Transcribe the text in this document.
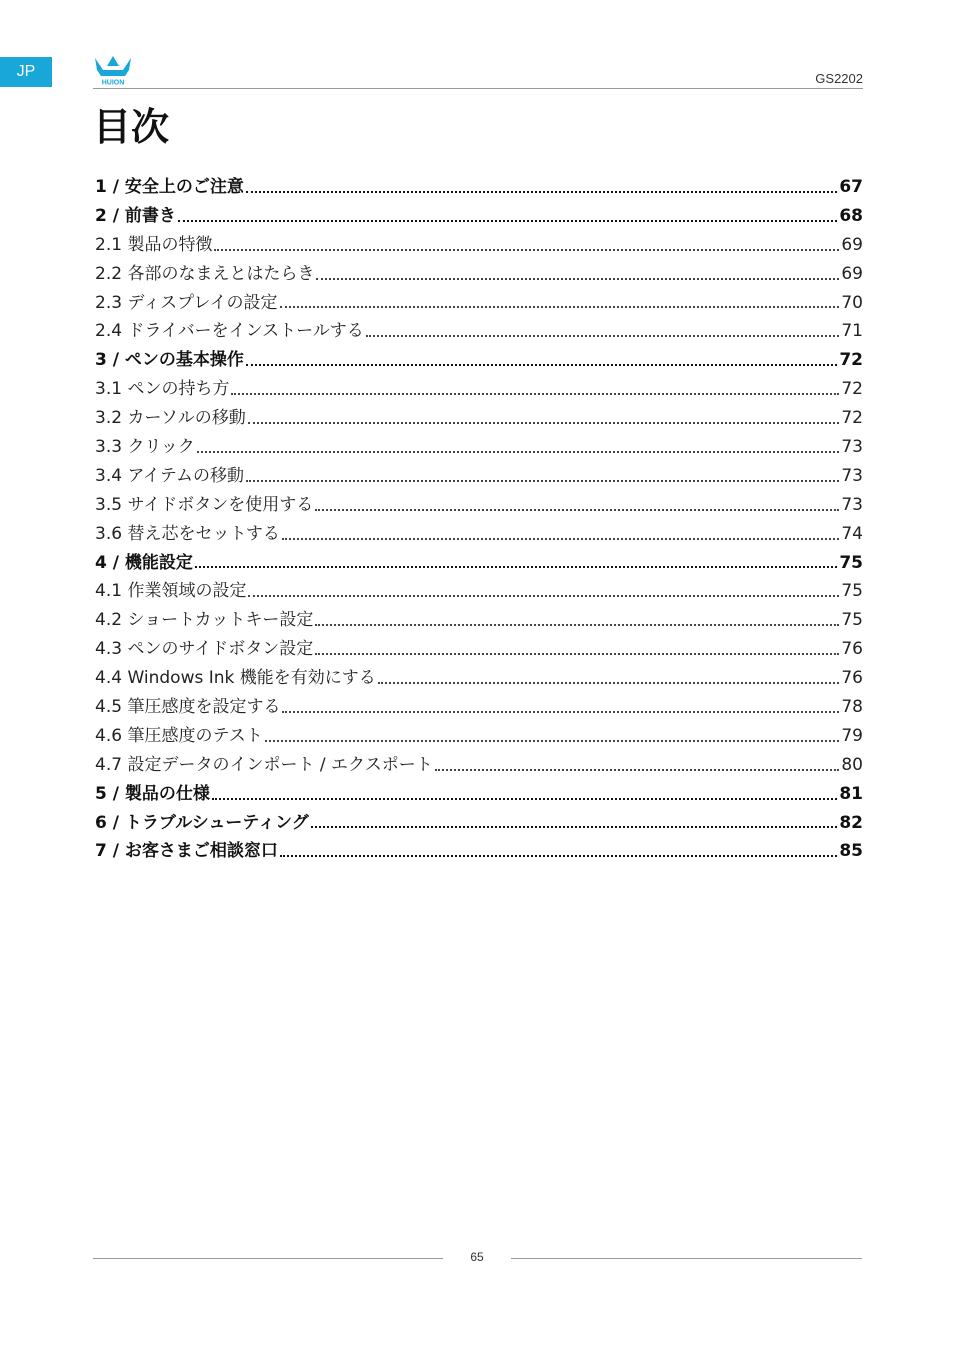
JP
HUION	GS2202
目次
1 / 安全上のご注意	67
2 / 前書き	68
2.1 製品の特徴	69
2.2 各部のなまえとはたらき	69
2.3 ディスプレイの設定	70
2.4 ドライバーをインストールする	71
3 / ペンの基本操作	72
3.1 ペンの持ち方	72
3.2 カーソルの移動	72
3.3 クリック	73
3.4 アイテムの移動	73
3.5 サイドボタンを使用する	73
3.6 替え芯をセットする	74
4 / 機能設定	75
4.1 作業領域の設定	75
4.2 ショートカットキー設定	75
4.3 ペンのサイドボタン設定	76
4.4 Windows Ink 機能を有効にする	76
4.5 筆圧感度を設定する	78
4.6 筆圧感度のテスト	79
4.7 設定データのインポート / エクスポート	80
5 / 製品の仕様	81
6 / トラブルシューティング	82
7 / お客さまご相談窓口	85
65
